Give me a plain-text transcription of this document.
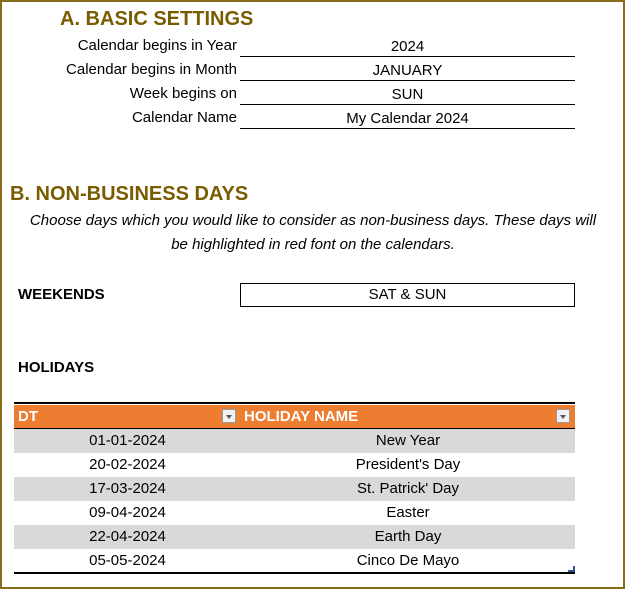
A. BASIC SETTINGS
Calendar begins in Year	2024
Calendar begins in Month	JANUARY
Week begins on	SUN
Calendar Name	My Calendar 2024
B. NON-BUSINESS DAYS
Choose days which you would like to consider as non-business days. These days will
be highlighted in red font on the calendars.
WEEKENDS	SAT & SUN
HOLIDAYS
DT	HOLIDAY NAME
01-01-2024	New Year
20-02-2024	President's Day
17-03-2024	St. Patrick' Day
09-04-2024	Easter
22-04-2024	Earth Day
05-05-2024	Cinco De Mayo
